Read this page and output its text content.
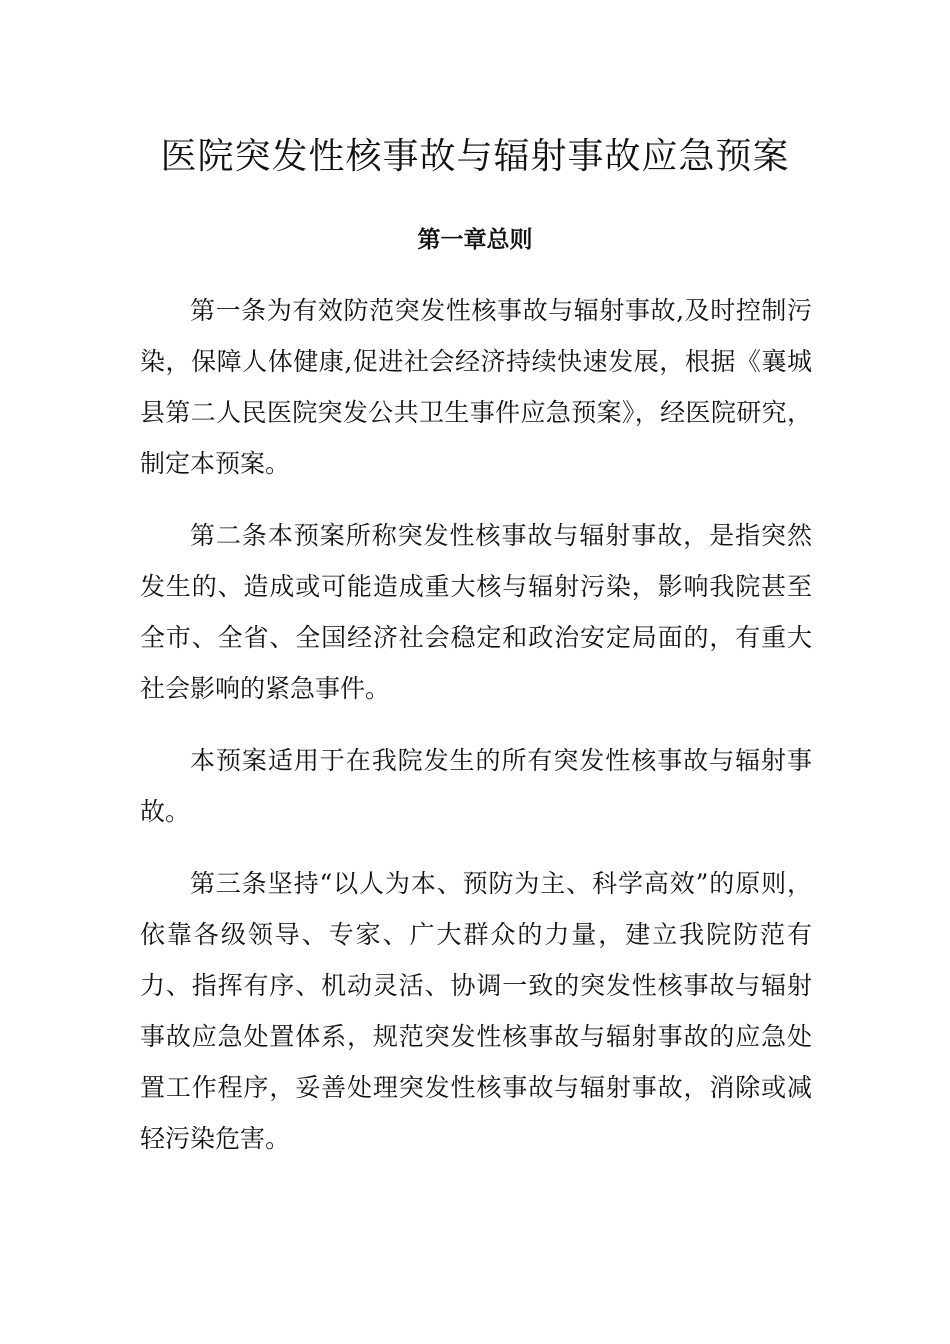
医院突发性核事故与辐射事故应急预案
第一章总则

第一条为有效防范突发性核事故与辐射事故,及时控制污染，保障人体健康,促进社会经济持续快速发展，根据《襄城县第二人民医院突发公共卫生事件应急预案》，经医院研究，制定本预案。

第二条本预案所称突发性核事故与辐射事故，是指突然发生的、造成或可能造成重大核与辐射污染，影响我院甚至全市、全省、全国经济社会稳定和政治安定局面的，有重大社会影响的紧急事件。

本预案适用于在我院发生的所有突发性核事故与辐射事故。

第三条坚持“以人为本、预防为主、科学高效”的原则，依靠各级领导、专家、广大群众的力量，建立我院防范有力、指挥有序、机动灵活、协调一致的突发性核事故与辐射事故应急处置体系，规范突发性核事故与辐射事故的应急处置工作程序，妥善处理突发性核事故与辐射事故，消除或减轻污染危害。
